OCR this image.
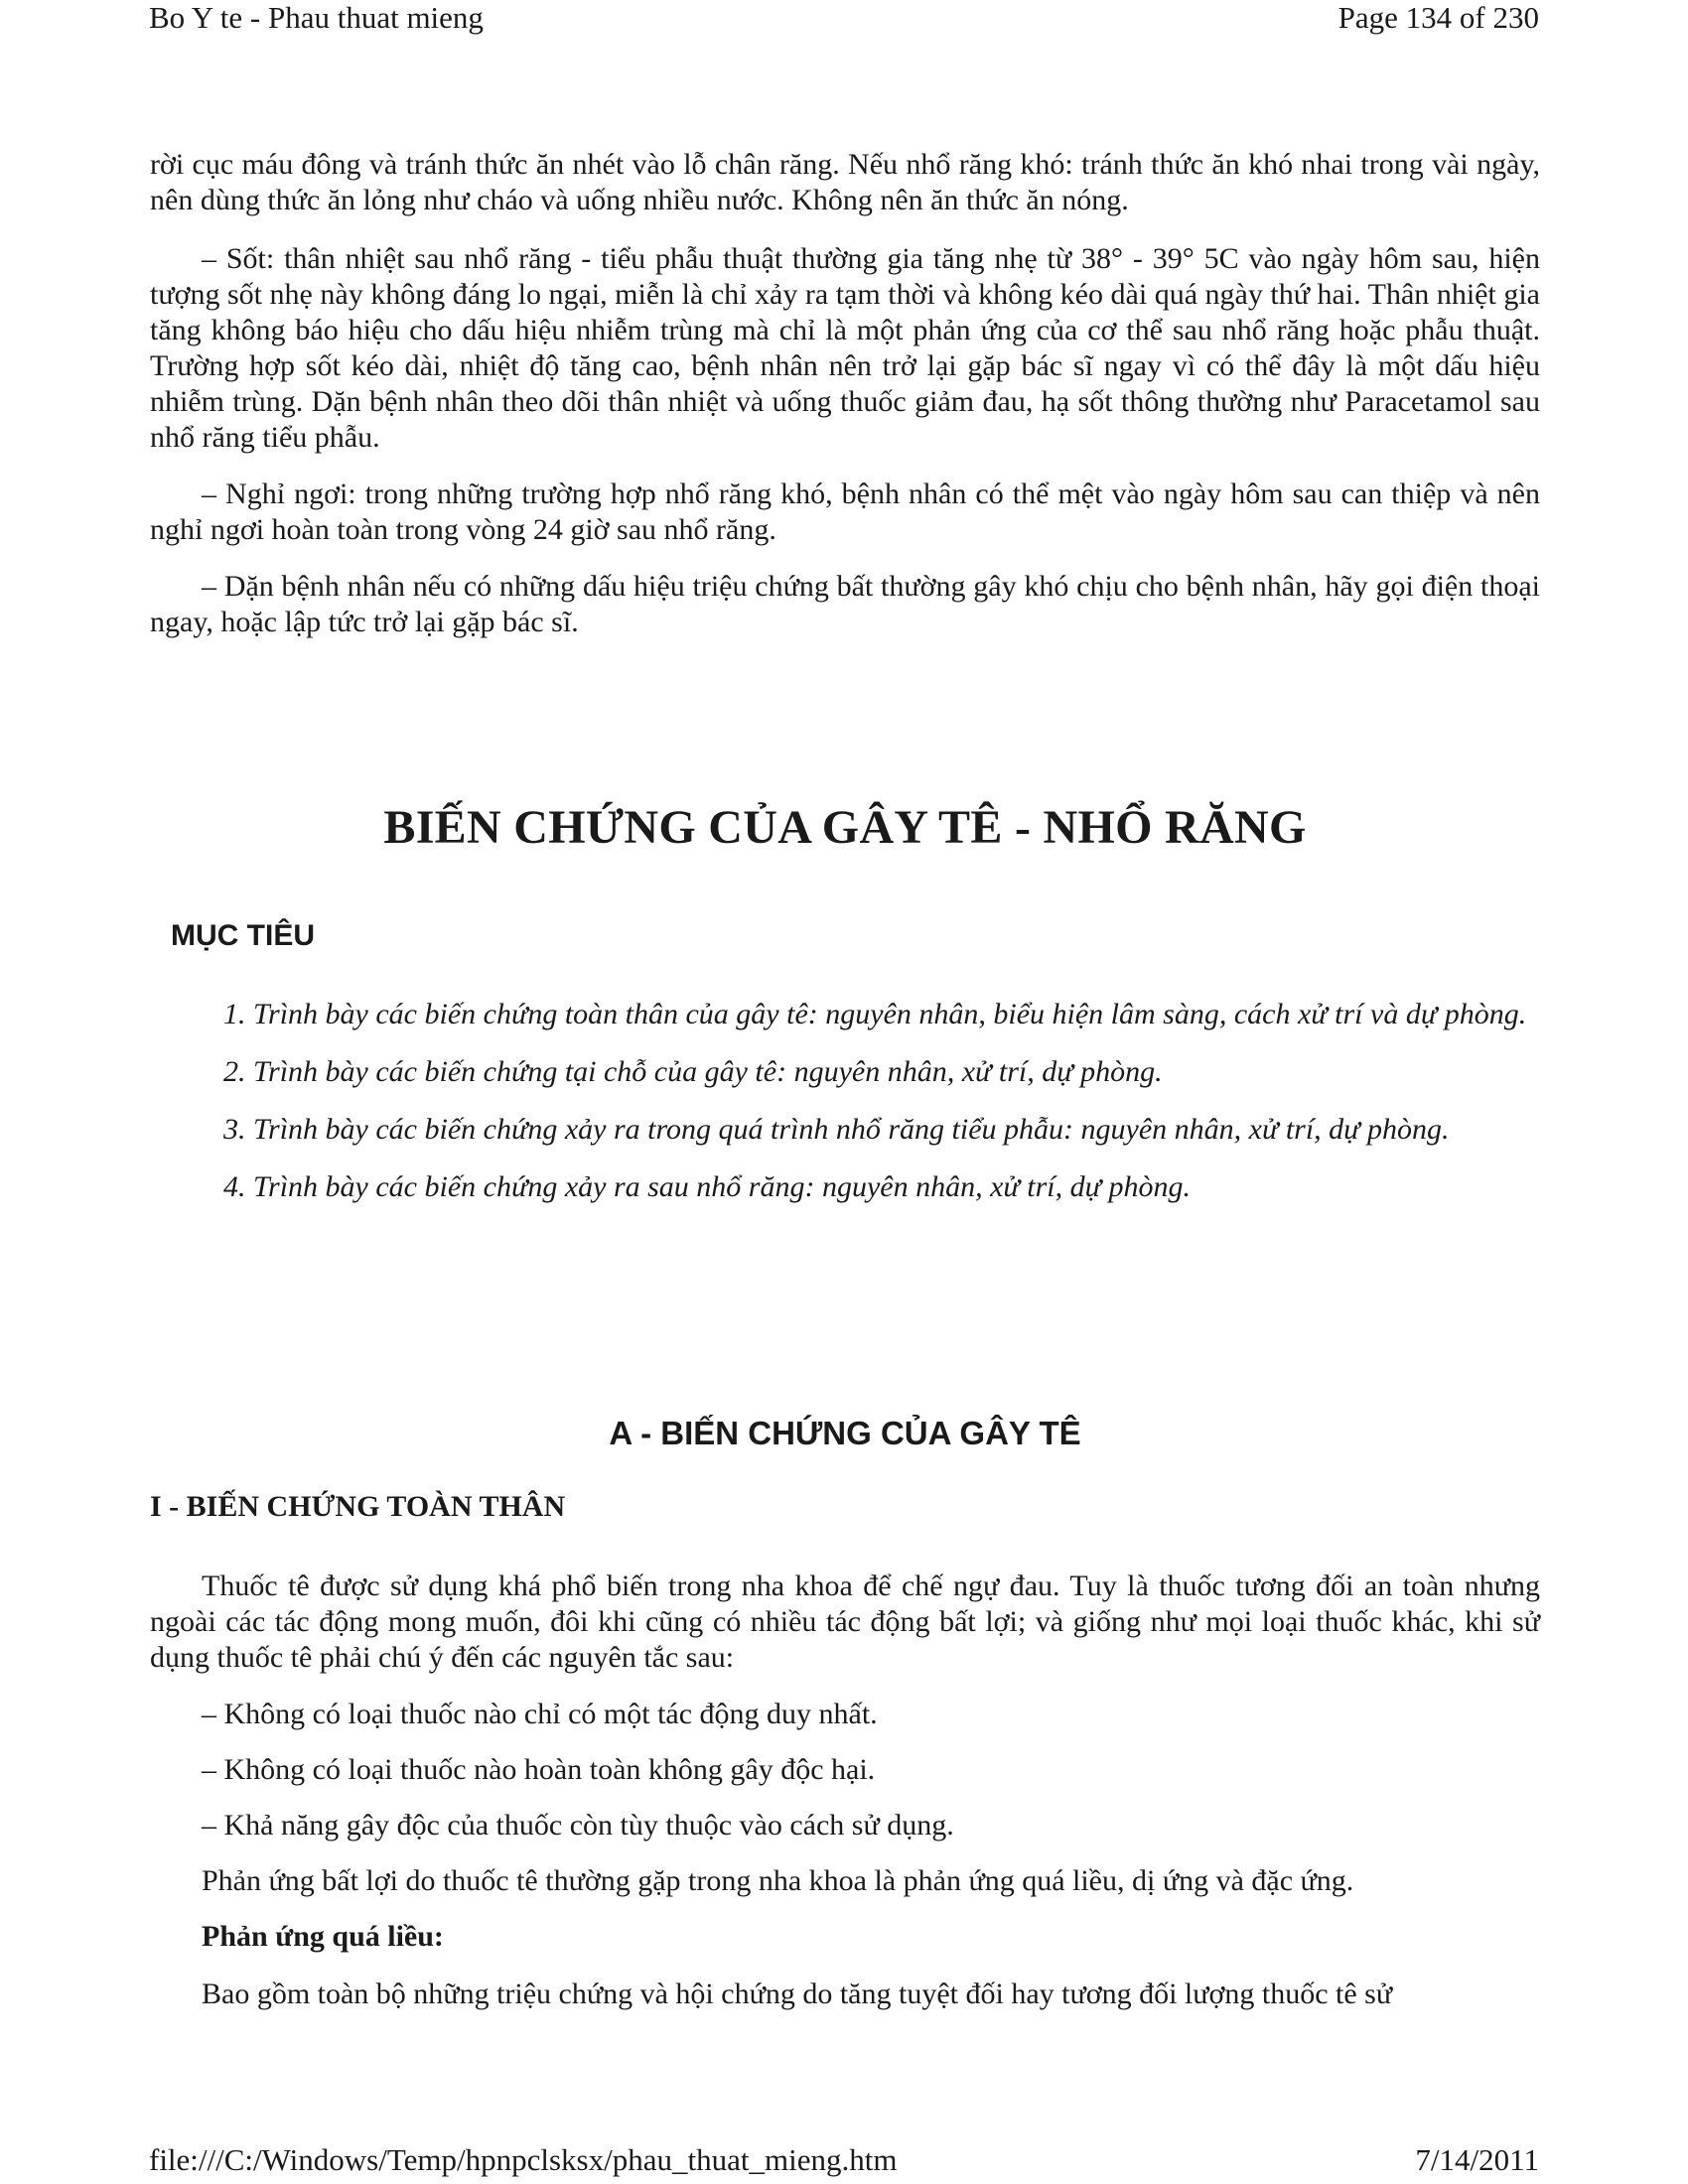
Bo Y te - Phau thuat mieng	Page 134 of 230

rời cục máu đông và tránh thức ăn nhét vào lỗ chân răng. Nếu nhổ răng khó: tránh thức ăn khó nhai trong vài ngày, nên dùng thức ăn lỏng như cháo và uống nhiều nước. Không nên ăn thức ăn nóng.

– Sốt: thân nhiệt sau nhổ răng - tiểu phẫu thuật thường gia tăng nhẹ từ 38° - 39° 5C vào ngày hôm sau, hiện tượng sốt nhẹ này không đáng lo ngại, miễn là chỉ xảy ra tạm thời và không kéo dài quá ngày thứ hai. Thân nhiệt gia tăng không báo hiệu cho dấu hiệu nhiễm trùng mà chỉ là một phản ứng của cơ thể sau nhổ răng hoặc phẫu thuật. Trường hợp sốt kéo dài, nhiệt độ tăng cao, bệnh nhân nên trở lại gặp bác sĩ ngay vì có thể đây là một dấu hiệu nhiễm trùng. Dặn bệnh nhân theo dõi thân nhiệt và uống thuốc giảm đau, hạ sốt thông thường như Paracetamol sau nhổ răng tiểu phẫu.

– Nghỉ ngơi: trong những trường hợp nhổ răng khó, bệnh nhân có thể mệt vào ngày hôm sau can thiệp và nên nghỉ ngơi hoàn toàn trong vòng 24 giờ sau nhổ răng.

– Dặn bệnh nhân nếu có những dấu hiệu triệu chứng bất thường gây khó chịu cho bệnh nhân, hãy gọi điện thoại ngay, hoặc lập tức trở lại gặp bác sĩ.

BIẾN CHỨNG CỦA GÂY TÊ - NHỔ RĂNG
MỤC TIÊU
1. Trình bày các biến chứng toàn thân của gây tê: nguyên nhân, biểu hiện lâm sàng, cách xử trí và dự phòng.
2. Trình bày các biến chứng tại chỗ của gây tê: nguyên nhân, xử trí, dự phòng.
3. Trình bày các biến chứng xảy ra trong quá trình nhổ răng tiểu phẫu: nguyên nhân, xử trí, dự phòng.
4. Trình bày các biến chứng xảy ra sau nhổ răng: nguyên nhân, xử trí, dự phòng.
A - BIẾN CHỨNG CỦA GÂY TÊ
I - BIẾN CHỨNG TOÀN THÂN

Thuốc tê được sử dụng khá phổ biến trong nha khoa để chế ngự đau. Tuy là thuốc tương đối an toàn nhưng ngoài các tác động mong muốn, đôi khi cũng có nhiều tác động bất lợi; và giống như mọi loại thuốc khác, khi sử dụng thuốc tê phải chú ý đến các nguyên tắc sau:

– Không có loại thuốc nào chỉ có một tác động duy nhất.

– Không có loại thuốc nào hoàn toàn không gây độc hại.

– Khả năng gây độc của thuốc còn tùy thuộc vào cách sử dụng.

Phản ứng bất lợi do thuốc tê thường gặp trong nha khoa là phản ứng quá liều, dị ứng và đặc ứng.

Phản ứng quá liều:

Bao gồm toàn bộ những triệu chứng và hội chứng do tăng tuyệt đối hay tương đối lượng thuốc tê sử

file:///C:/Windows/Temp/hpnpclsksx/phau_thuat_mieng.htm	7/14/2011
